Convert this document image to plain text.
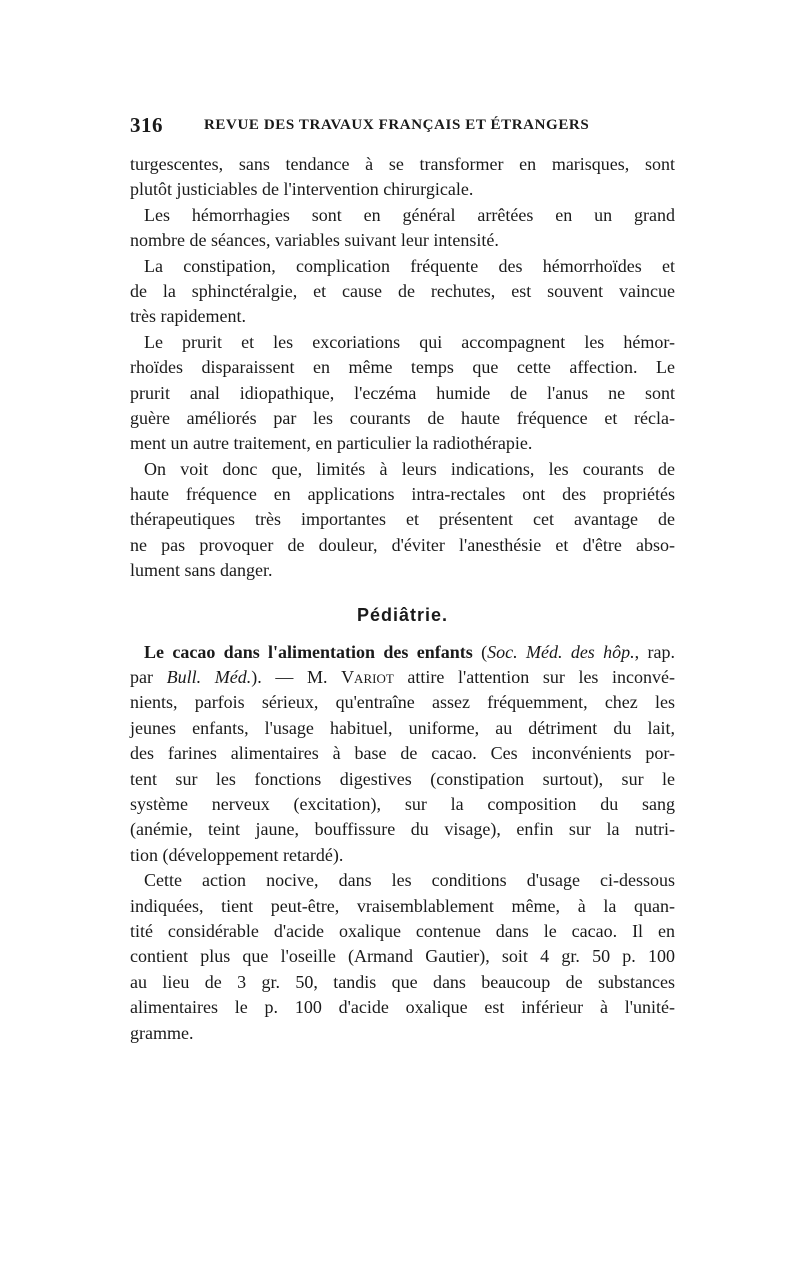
316	REVUE DES TRAVAUX FRANÇAIS ET ÉTRANGERS
turgescentes, sans tendance à se transformer en marisques, sont
plutôt justiciables de l'intervention chirurgicale.
Les hémorrhagies sont en général arrêtées en un grand
nombre de séances, variables suivant leur intensité.
La constipation, complication fréquente des hémorrhoïdes et
de la sphinctéralgie, et cause de rechutes, est souvent vaincue
très rapidement.
Le prurit et les excoriations qui accompagnent les hémor-
rhoïdes disparaissent en même temps que cette affection. Le
prurit anal idiopathique, l'eczéma humide de l'anus ne sont
guère améliorés par les courants de haute fréquence et récla-
ment un autre traitement, en particulier la radiothérapie.
On voit donc que, limités à leurs indications, les courants de
haute fréquence en applications intra-rectales ont des propriétés
thérapeutiques très importantes et présentent cet avantage de
ne pas provoquer de douleur, d'éviter l'anesthésie et d'être abso-
lument sans danger.
Pédiâtrie.
Le cacao dans l'alimentation des enfants (Soc. Méd. des hôp., rap.
par Bull. Méd.). — M. Variot attire l'attention sur les inconvé-
nients, parfois sérieux, qu'entraîne assez fréquemment, chez les
jeunes enfants, l'usage habituel, uniforme, au détriment du lait,
des farines alimentaires à base de cacao. Ces inconvénients por-
tent sur les fonctions digestives (constipation surtout), sur le
système nerveux (excitation), sur la composition du sang
(anémie, teint jaune, bouffissure du visage), enfin sur la nutri-
tion (développement retardé).
Cette action nocive, dans les conditions d'usage ci-dessous
indiquées, tient peut-être, vraisemblablement même, à la quan-
tité considérable d'acide oxalique contenue dans le cacao. Il en
contient plus que l'oseille (Armand Gautier), soit 4 gr. 50 p. 100
au lieu de 3 gr. 50, tandis que dans beaucoup de substances
alimentaires le p. 100 d'acide oxalique est inférieur à l'unité-
gramme.
